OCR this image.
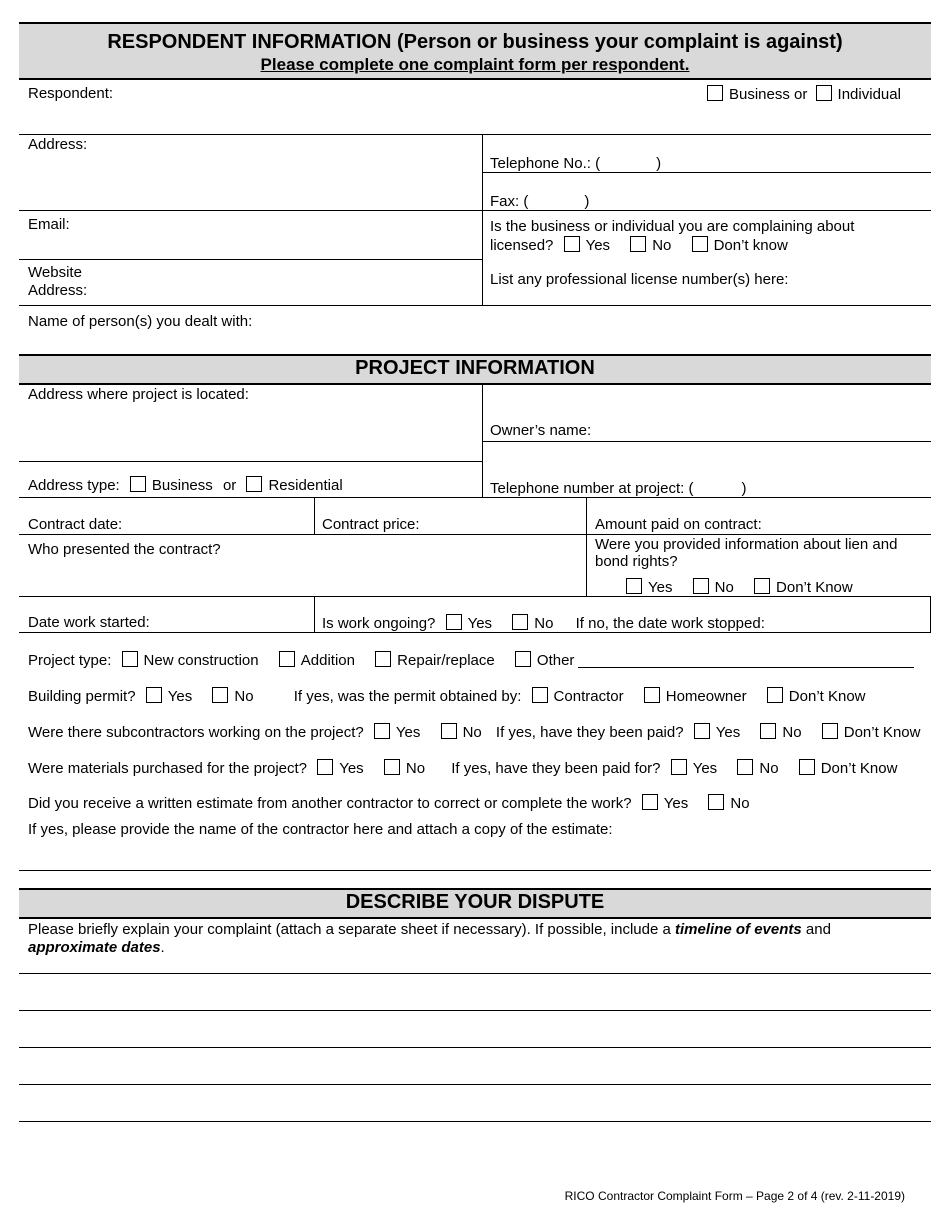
RESPONDENT INFORMATION (Person or business your complaint is against)
Please complete one complaint form per respondent.
Respondent:	Business or Individual
Address:
Telephone No.: (	)
Fax: (	)
Email:	Is the business or individual you are complaining about
licensed? Yes	No	Don’t know
Website
Address:
List any professional license number(s) here:
Name of person(s) you dealt with:
PROJECT INFORMATION
Address where project is located:
Owner’s name:
Address type: Business or Residential	Telephone number at project: (	)
Contract date:	Contract price:	Amount paid on contract:
Who presented the contract?	Were you provided information about lien and
bond rights?
Yes	No	Don’t Know
Date work started:	Is work ongoing? Yes	No If no, the date work stopped:
Project type: New construction	Addition	Repair/replace	Other
Building permit? Yes	No	If yes, was the permit obtained by: Contractor	Homeowner	Don’t Know
Were there subcontractors working on the project? Yes	No If yes, have they been paid? Yes	No	Don’t Know
Were materials purchased for the project? Yes	No If yes, have they been paid for? Yes	No	Don’t Know
Did you receive a written estimate from another contractor to correct or complete the work? Yes	No
If yes, please provide the name of the contractor here and attach a copy of the estimate:
DESCRIBE YOUR DISPUTE
Please briefly explain your complaint (attach a separate sheet if necessary). If possible, include a timeline of events and
approximate dates.
RICO Contractor Complaint Form – Page 2 of 4 (rev. 2-11-2019)
